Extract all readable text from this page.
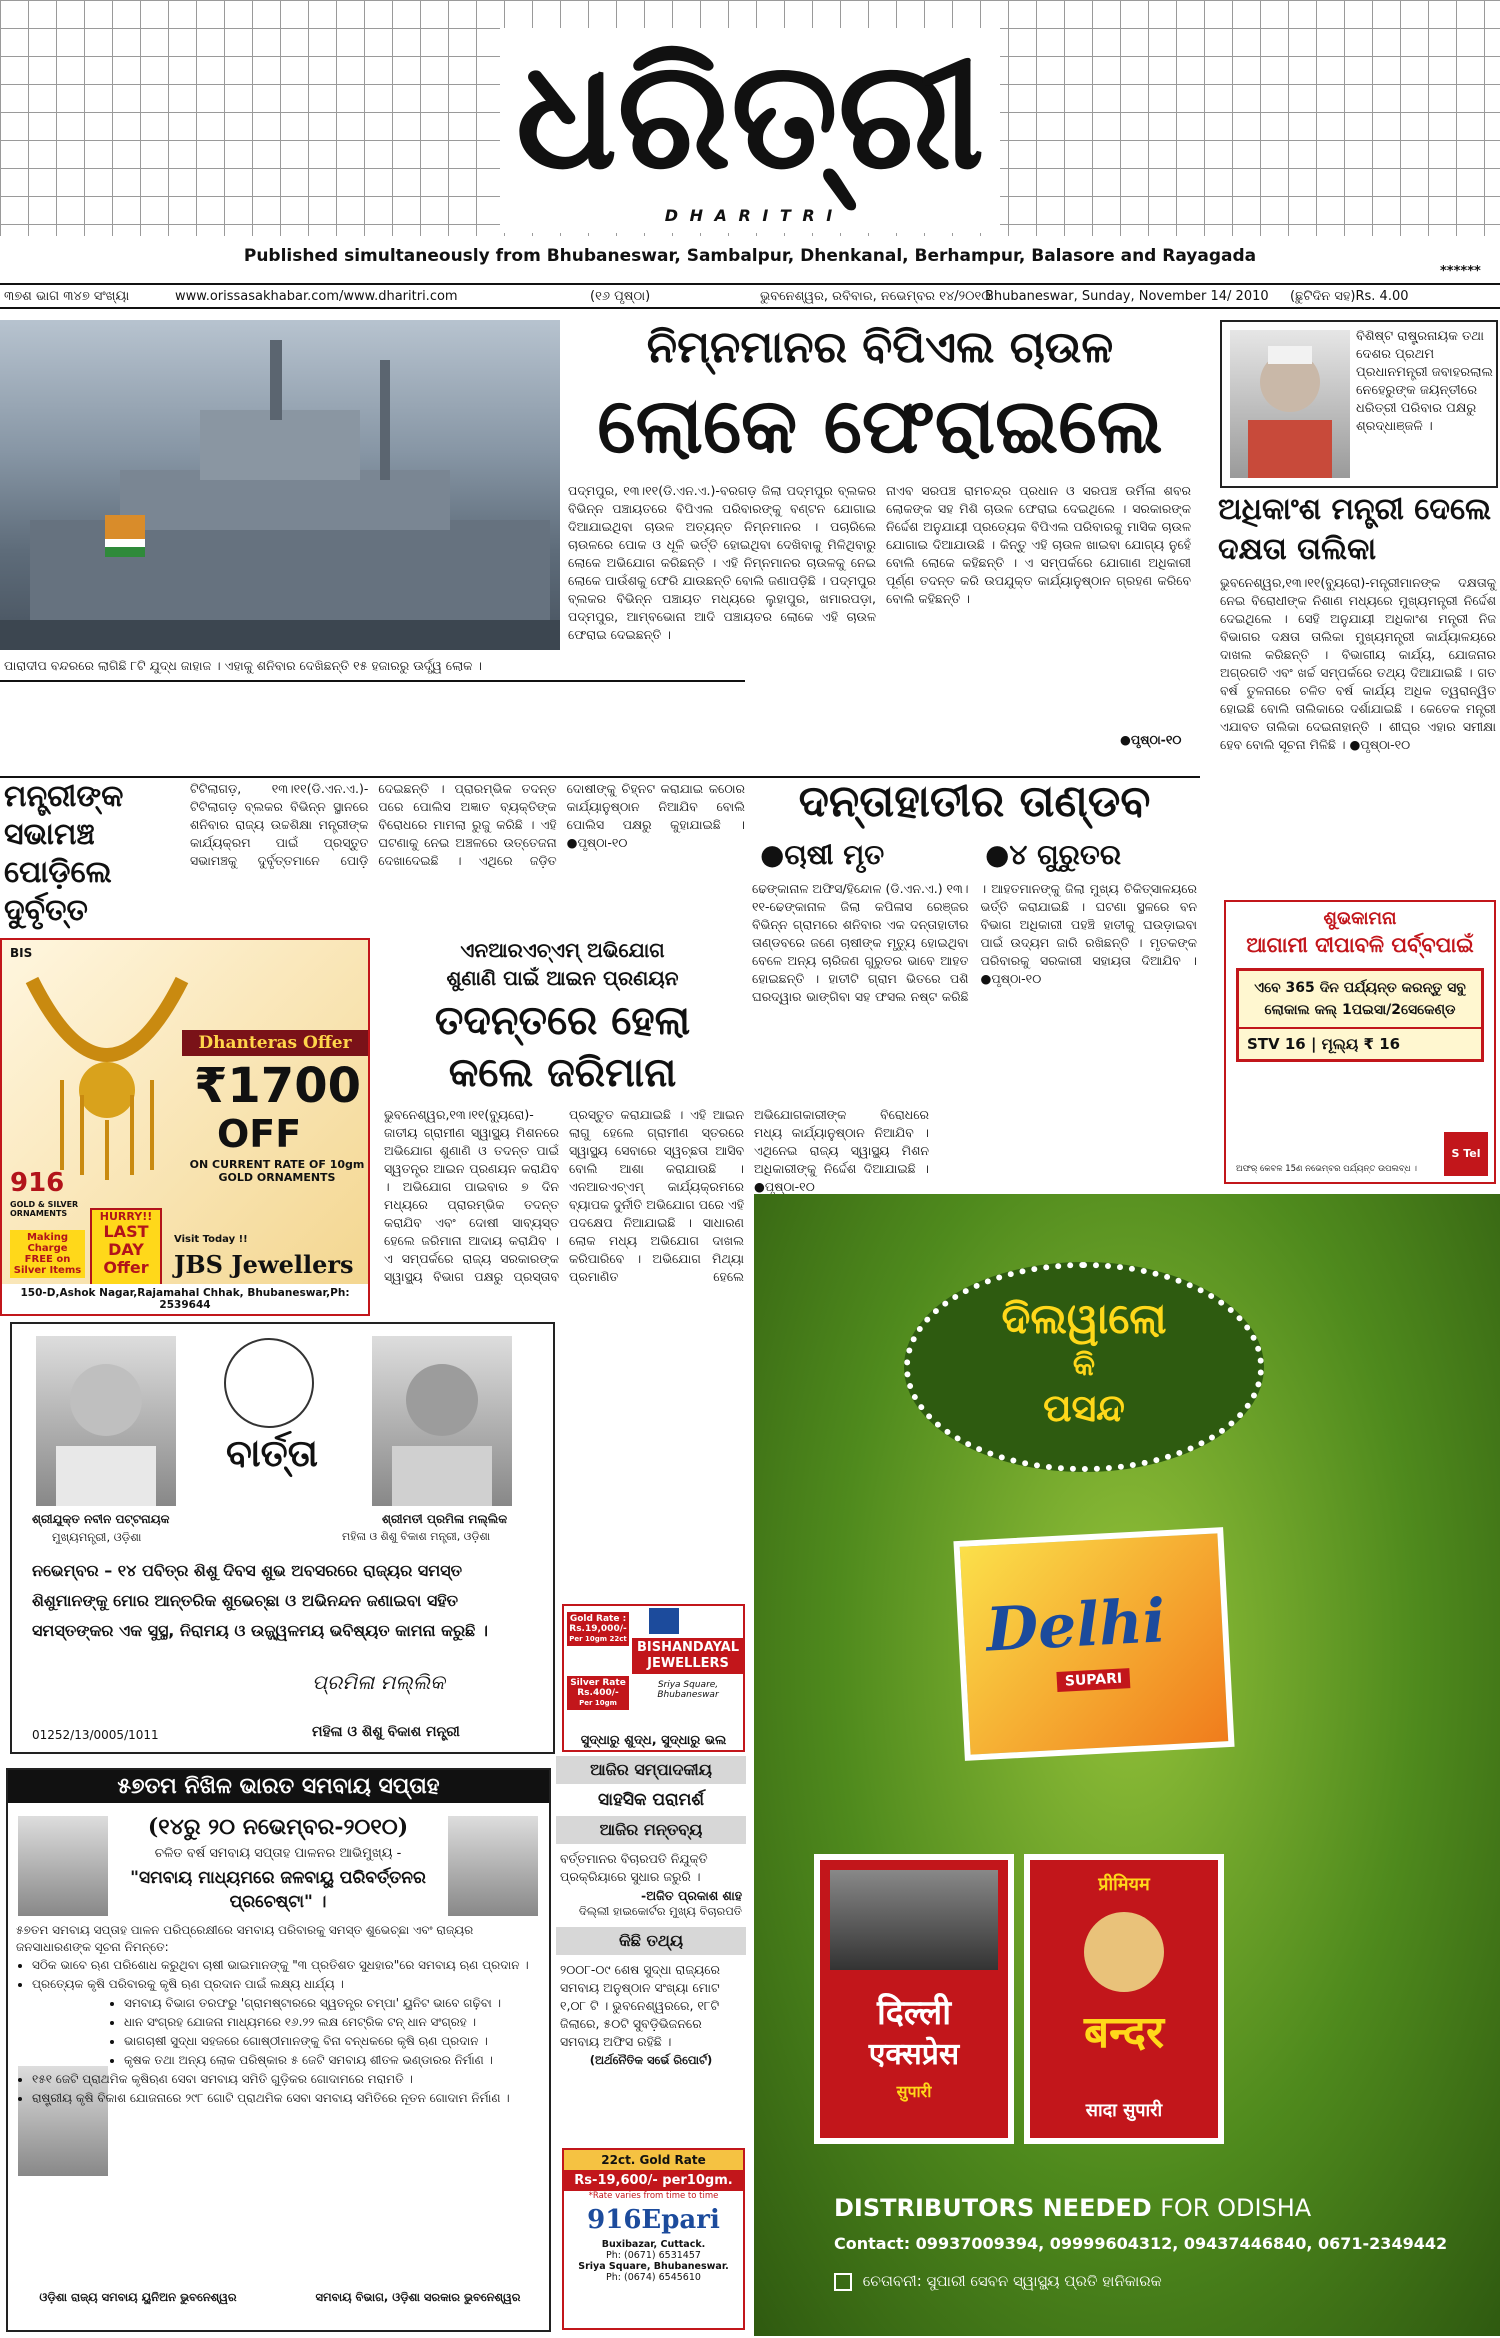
ଧରିତ୍ରୀ
D H A R I T R I
Published simultaneously from Bhubaneswar, Sambalpur, Dhenkanal, Berhampur, Balasore and Rayagada
******
୩୭ଶ ଭାଗ ୩୪୭ ସଂଖ୍ୟା	www.orissasakhabar.com/www.dharitri.com	(୧୬ ପୃଷ୍ଠା)	ଭୁବନେଶ୍ୱର, ରବିବାର, ନଭେମ୍ବର ୧୪/୨୦୧୦
Bhubaneswar, Sunday, November 14/ 2010 (ଛୁଟିଦିନ ସହ)Rs. 4.00
ପାରାଦୀପ ବନ୍ଦରରେ ଲାଗିଛି ୮ଟି ଯୁଦ୍ଧ ଜାହାଜ । ଏହାକୁ ଶନିବାର ଦେଖିଛନ୍ତି ୧୫ ହଜାରରୁ ଊର୍ଦ୍ଧ୍ୱ ଲୋକ ।
ନିମ୍ନମାନର ବିପିଏଲ ଚାଉଳ
ଲୋକେ ଫେରାଇଲେ
ପଦ୍ମପୁର, ୧୩।୧୧(ଡି.ଏନ.ଏ.)-ବରଗଡ଼ ଜିଲା ପଦ୍ମପୁର ବ୍ଲକର ବିଭିନ୍ନ ପଞ୍ଚାୟତରେ ବିପିଏଲ ପରିବାରଙ୍କୁ ବଣ୍ଟନ ଯୋଗାଇ ଦିଆଯାଇଥିବା ଚାଉଳ ଅତ୍ୟନ୍ତ ନିମ୍ନମାନର । ପଚାରିଲେ ଚାଉଳରେ ପୋକ ଓ ଧୂଳି ଭର୍ତ୍ତି ହୋଇଥିବା ଦେଖିବାକୁ ମିଳିଥିବାରୁ ଲୋକେ ଅଭିଯୋଗ କରିଛନ୍ତି । ଏହି ନିମ୍ନମାନର ଚାଉଳକୁ ନେଇ ଲୋକେ ପାଉଁଶକୁ ଫେରି ଯାଉଛନ୍ତି ବୋଲି ଜଣାପଡ଼ିଛି । ପଦ୍ମପୁର ବ୍ଲକର ବିଭିନ୍ନ ପଞ୍ଚାୟତ ମଧ୍ୟରେ ଲୁହାପୁର, ଖମାରପଡ଼ା, ପଦ୍ମପୁର, ଆମ୍ବଭୋନା ଆଦି ପଞ୍ଚାୟତର ଲୋକେ ଏହି ଚାଉଳ ଫେରାଇ ଦେଇଛନ୍ତି ।
ନାଏବ ସରପଞ୍ଚ ରାମଚନ୍ଦ୍ର ପ୍ରଧାନ ଓ ସରପଞ୍ଚ ଉର୍ମିଳା ଶବର ଲୋକଙ୍କ ସହ ମିଶି ଚାଉଳ ଫେରାଇ ଦେଇଥିଲେ । ସରକାରଙ୍କ ନିର୍ଦ୍ଦେଶ ଅନୁଯାୟୀ ପ୍ରତ୍ୟେକ ବିପିଏଲ ପରିବାରକୁ ମାସିକ ଚାଉଳ ଯୋଗାଇ ଦିଆଯାଉଛି । କିନ୍ତୁ ଏହି ଚାଉଳ ଖାଇବା ଯୋଗ୍ୟ ନୁହେଁ ବୋଲି ଲୋକେ କହିଛନ୍ତି । ଏ ସମ୍ପର୍କରେ ଯୋଗାଣ ଅଧିକାରୀ ପୂର୍ଣ୍ଣ ତଦନ୍ତ କରି ଉପଯୁକ୍ତ କାର୍ଯ୍ୟାନୁଷ୍ଠାନ ଗ୍ରହଣ କରିବେ ବୋଲି କହିଛନ୍ତି ।
●ପୃଷ୍ଠା-୧୦
ବିଶିଷ୍ଟ ରାଷ୍ଟ୍ରନାୟକ ତଥା ଦେଶର ପ୍ରଥମ ପ୍ରଧାନମନ୍ତ୍ରୀ ଜବାହରଲାଲ ନେହେରୁଙ୍କ ଜୟନ୍ତୀରେ ଧରିତ୍ରୀ ପରିବାର ପକ୍ଷରୁ ଶ୍ରଦ୍ଧାଞ୍ଜଳି ।
ଅଧିକାଂଶ ମନ୍ତ୍ରୀ ଦେଲେ ଦକ୍ଷତା ତାଲିକା
ଭୁବନେଶ୍ୱର,୧୩।୧୧(ବ୍ୟୁରୋ)-ମନ୍ତ୍ରୀମାନଙ୍କ ଦକ୍ଷତାକୁ ନେଇ ବିରୋଧୀଙ୍କ ନିଶାଣ ମଧ୍ୟରେ ମୁଖ୍ୟମନ୍ତ୍ରୀ ନିର୍ଦ୍ଦେଶ ଦେଇଥିଲେ । ସେହି ଅନୁଯାୟୀ ଅଧିକାଂଶ ମନ୍ତ୍ରୀ ନିଜ ବିଭାଗର ଦକ୍ଷତା ତାଲିକା ମୁଖ୍ୟମନ୍ତ୍ରୀ କାର୍ଯ୍ୟାଳୟରେ ଦାଖଲ କରିଛନ୍ତି । ବିଭାଗୀୟ କାର୍ଯ୍ୟ, ଯୋଜନାର ଅଗ୍ରଗତି ଏବଂ ଖର୍ଚ୍ଚ ସମ୍ପର୍କରେ ତଥ୍ୟ ଦିଆଯାଇଛି । ଗତ ବର୍ଷ ତୁଳନାରେ ଚଳିତ ବର୍ଷ କାର୍ଯ୍ୟ ଅଧିକ ତ୍ୱରାନ୍ୱିତ ହୋଇଛି ବୋଲି ତାଲିକାରେ ଦର୍ଶାଯାଇଛି । କେତେକ ମନ୍ତ୍ରୀ ଏଯାବତ ତାଲିକା ଦେଇନାହାନ୍ତି । ଶୀଘ୍ର ଏହାର ସମୀକ୍ଷା ହେବ ବୋଲି ସୂଚନା ମିଳିଛି । ●ପୃଷ୍ଠା-୧୦
ମନ୍ତ୍ରୀଙ୍କ ସଭାମଞ୍ଚ ପୋଡ଼ିଲେ ଦୁର୍ବୃତ୍ତ
ଟିଟିଲାଗଡ଼, ୧୩।୧୧(ଡି.ଏନ.ଏ.)-ଟିଟିଲାଗଡ଼ ବ୍ଲକର ବିଭିନ୍ନ ସ୍ଥାନରେ ଶନିବାର ରାଜ୍ୟ ଉଚ୍ଚଶିକ୍ଷା ମନ୍ତ୍ରୀଙ୍କ କାର୍ଯ୍ୟକ୍ରମ ପାଇଁ ପ୍ରସ୍ତୁତ ସଭାମଞ୍ଚକୁ ଦୁର୍ବୃତ୍ତମାନେ ପୋଡ଼ି ଦେଇଛନ୍ତି । ପ୍ରାରମ୍ଭିକ ତଦନ୍ତ ପରେ ପୋଲିସ ଅଜ୍ଞାତ ବ୍ୟକ୍ତିଙ୍କ ବିରୋଧରେ ମାମଲା ରୁଜୁ କରିଛି । ଏହି ଘଟଣାକୁ ନେଇ ଅଞ୍ଚଳରେ ଉତ୍ତେଜନା ଦେଖାଦେଇଛି । ଏଥିରେ ଜଡ଼ିତ ଦୋଷୀଙ୍କୁ ଚିହ୍ନଟ କରାଯାଇ କଠୋର କାର୍ଯ୍ୟାନୁଷ୍ଠାନ ନିଆଯିବ ବୋଲି ପୋଲିସ ପକ୍ଷରୁ କୁହାଯାଇଛି । ●ପୃଷ୍ଠା-୧୦
ଦନ୍ତାହାତୀର ତାଣ୍ଡବ
●ଚାଷୀ ମୃତ	●୪ ଗୁରୁତର
ଢେଙ୍କାନାଳ ଅଫିସ/ହିନ୍ଦୋଳ (ଡି.ଏନ.ଏ.) ୧୩।୧୧-ଢେଙ୍କାନାଳ ଜିଲା କପିଳାସ ରେଞ୍ଜର ବିଭିନ୍ନ ଗ୍ରାମରେ ଶନିବାର ଏକ ଦନ୍ତାହାତୀର ତାଣ୍ଡବରେ ଜଣେ ଚାଷୀଙ୍କ ମୃତ୍ୟୁ ହୋଇଥିବା ବେଳେ ଅନ୍ୟ ଚାରିଜଣ ଗୁରୁତର ଭାବେ ଆହତ ହୋଇଛନ୍ତି । ହାତୀଟି ଗ୍ରାମ ଭିତରେ ପଶି ଘରଦ୍ୱାର ଭାଙ୍ଗିବା ସହ ଫସଲ ନଷ୍ଟ କରିଛି । ଆହତମାନଙ୍କୁ ଜିଲା ମୁଖ୍ୟ ଚିକିତ୍ସାଳୟରେ ଭର୍ତ୍ତି କରାଯାଇଛି । ଘଟଣା ସ୍ଥଳରେ ବନ ବିଭାଗ ଅଧିକାରୀ ପହଞ୍ଚି ହାତୀକୁ ଘଉଡ଼ାଇବା ପାଇଁ ଉଦ୍ୟମ ଜାରି ରଖିଛନ୍ତି । ମୃତକଙ୍କ ପରିବାରକୁ ସରକାରୀ ସହାୟତା ଦିଆଯିବ । ●ପୃଷ୍ଠା-୧୦
BIS
Dhanteras Offer
₹1700
OFF
ON CURRENT RATE OF 10gm GOLD ORNAMENTS
916
GOLD & SILVER ORNAMENTS
Making Charge FREE on Silver Items
HURRY!!
LAST DAY Offer
Visit Today !!
JBS Jewellers
150-D,Ashok Nagar,Rajamahal Chhak, Bhubaneswar,Ph: 2539644
ଏନଆରଏଚ୍‌ଏମ୍ ଅଭିଯୋଗ
ଶୁଣାଣି ପାଇଁ ଆଇନ ପ୍ରଣୟନ
ତଦନ୍ତରେ ହେଲା
କଲେ ଜରିମାନା
ଭୁବନେଶ୍ୱର,୧୩।୧୧(ବ୍ୟୁରୋ)-ଜାତୀୟ ଗ୍ରାମୀଣ ସ୍ୱାସ୍ଥ୍ୟ ମିଶନରେ ଅଭିଯୋଗ ଶୁଣାଣି ଓ ତଦନ୍ତ ପାଇଁ ସ୍ୱତନ୍ତ୍ର ଆଇନ ପ୍ରଣୟନ କରାଯିବ । ଅଭିଯୋଗ ପାଇବାର ୭ ଦିନ ମଧ୍ୟରେ ପ୍ରାରମ୍ଭିକ ତଦନ୍ତ କରାଯିବ ଏବଂ ଦୋଷୀ ସାବ୍ୟସ୍ତ ହେଲେ ଜରିମାନା ଆଦାୟ କରାଯିବ । ଏ ସମ୍ପର୍କରେ ରାଜ୍ୟ ସରକାରଙ୍କ ସ୍ୱାସ୍ଥ୍ୟ ବିଭାଗ ପକ୍ଷରୁ ପ୍ରସ୍ତାବ ପ୍ରସ୍ତୁତ କରାଯାଇଛି । ଏହି ଆଇନ ଲାଗୁ ହେଲେ ଗ୍ରାମୀଣ ସ୍ତରରେ ସ୍ୱାସ୍ଥ୍ୟ ସେବାରେ ସ୍ୱଚ୍ଛତା ଆସିବ ବୋଲି ଆଶା କରାଯାଉଛି । ଏନଆରଏଚ୍‌ଏମ୍ କାର୍ଯ୍ୟକ୍ରମରେ ବ୍ୟାପକ ଦୁର୍ନୀତି ଅଭିଯୋଗ ପରେ ଏହି ପଦକ୍ଷେପ ନିଆଯାଇଛି । ସାଧାରଣ ଲୋକ ମଧ୍ୟ ଅଭିଯୋଗ ଦାଖଲ କରିପାରିବେ । ଅଭିଯୋଗ ମିଥ୍ୟା ପ୍ରମାଣିତ ହେଲେ ଅଭିଯୋଗକାରୀଙ୍କ ବିରୋଧରେ ମଧ୍ୟ କାର୍ଯ୍ୟାନୁଷ୍ଠାନ ନିଆଯିବ । ଏଥିନେଇ ରାଜ୍ୟ ସ୍ୱାସ୍ଥ୍ୟ ମିଶନ ଅଧିକାରୀଙ୍କୁ ନିର୍ଦ୍ଦେଶ ଦିଆଯାଇଛି । ●ପୃଷ୍ଠା-୧୦
ବାର୍ତ୍ତା
ଶ୍ରୀଯୁକ୍ତ ନବୀନ ପଟ୍ଟନାୟକ
ମୁଖ୍ୟମନ୍ତ୍ରୀ, ଓଡ଼ିଶା
ଶ୍ରୀମତୀ ପ୍ରମିଳା ମଲ୍ଲିକ
ମହିଳା ଓ ଶିଶୁ ବିକାଶ ମନ୍ତ୍ରୀ, ଓଡ଼ିଶା
ନଭେମ୍ବର – ୧୪ ପବିତ୍ର ଶିଶୁ ଦିବସ ଶୁଭ ଅବସରରେ ରାଜ୍ୟର ସମସ୍ତ ଶିଶୁମାନଙ୍କୁ ମୋର ଆନ୍ତରିକ ଶୁଭେଚ୍ଛା ଓ ଅଭିନନ୍ଦନ ଜଣାଇବା ସହିତ ସମସ୍ତଙ୍କର ଏକ ସୁସ୍ଥ, ନିରାମୟ ଓ ଉଜ୍ଜ୍ୱଳମୟ ଭବିଷ୍ୟତ କାମନା କରୁଛି ।
ପ୍ରମିଳା ମଲ୍ଲିକ
01252/13/0005/1011	ମହିଳା ଓ ଶିଶୁ ବିକାଶ ମନ୍ତ୍ରୀ
Gold Rate : Rs.19,000/-
Per 10gm 22ct
Silver Rate Rs.400/-
Per 10gm
BISHANDAYAL
JEWELLERS
Sriya Square, Bhubaneswar
ସୁଦ୍ଧାରୁ ଶୁଦ୍ଧ, ସୁଦ୍ଧାରୁ ଭଲ
ଆଜିର ସମ୍ପାଦକୀୟ
ସାହସିକ ପରାମର୍ଶ
ଆଜିର ମନ୍ତବ୍ୟ
ବର୍ତ୍ତମାନର ବିଚାରପତି ନିଯୁକ୍ତି ପ୍ରକ୍ରିୟାରେ ସୁଧାର ଜରୁରି ।
-ଅଜିତ ପ୍ରକାଶ ଶାହ
ଦିଲ୍ଲୀ ହାଇକୋର୍ଟର ମୁଖ୍ୟ ବିଚାରପତି
କିଛି ତଥ୍ୟ
୨୦୦୮-୦୯ ଶେଷ ସୁଦ୍ଧା ରାଜ୍ୟରେ ସମବାୟ ଅନୁଷ୍ଠାନ ସଂଖ୍ୟା ମୋଟ ୧,୦୮ ଟି । ଭୁବନେଶ୍ୱରରେ, ୧୮ଟି ଜିଲାରେ, ୫୦ଟି ସୁବଡ଼ିଭିଜନରେ ସମବାୟ ଅଫିସ ରହିଛି ।
(ଅର୍ଥନୈତିକ ସର୍ଭେ ରିପୋର୍ଟ)
22ct. Gold Rate
Rs-19,600/- per10gm.
*Rate varies from time to time
916Epari
Buxibazar, Cuttack.
Ph: (0671) 6531457
Sriya Square, Bhubaneswar.
Ph: (0674) 6545610
୫୭ତମ ନିଖିଳ ଭାରତ ସମବାୟ ସପ୍ତାହ
(୧୪ରୁ ୨୦ ନଭେମ୍ବର-୨୦୧୦)
ଚଳିତ ବର୍ଷ ସମବାୟ ସପ୍ତାହ ପାଳନର ଆଭିମୁଖ୍ୟ -
"ସମବାୟ ମାଧ୍ୟମରେ ଜଳବାୟୁ ପରିବର୍ତ୍ତନର ପ୍ରଚେଷ୍ଟା" ।
୫୭ତମ ସମବାୟ ସପ୍ତାହ ପାଳନ ପରିପ୍ରେକ୍ଷୀରେ ସମବାୟ ପରିବାରକୁ ସମସ୍ତ ଶୁଭେଚ୍ଛା ଏବଂ ରାଜ୍ୟର ଜନସାଧାରଣଙ୍କ ସୂଚନା ନିମନ୍ତେ:
• ସଠିକ ଭାବେ ଋଣ ପରିଶୋଧ କରୁଥିବା ଚାଷୀ ଭାଇମାନଙ୍କୁ "୩ ପ୍ରତିଶତ ସୁଧହାର"ରେ ସମବାୟ ଋଣ ପ୍ରଦାନ ।
• ପ୍ରତ୍ୟେକ କୃଷି ପରିବାରକୁ କୃଷି ଋଣ ପ୍ରଦାନ ପାଇଁ ଲକ୍ଷ୍ୟ ଧାର୍ଯ୍ୟ ।
• ସମବାୟ ବିଭାଗ ତରଫରୁ 'ଗ୍ରାମଷ୍ଟାରରେ ସ୍ୱତନ୍ତ୍ର ଚମ୍ପା' ୟୁନିଟ ଭାବେ ଗଢ଼ିବା ।
• ଧାନ ସଂଗ୍ରହ ଯୋଜନା ମାଧ୍ୟମରେ ୧୬.୨୨ ଲକ୍ଷ ମେଟ୍ରିକ ଟନ୍ ଧାନ ସଂଗ୍ରହ ।
• ଭାଗଚାଷୀ ସୁଦ୍ଧା ସହଜରେ ଗୋଷ୍ଠୀମାନଙ୍କୁ ବିନା ବନ୍ଧକରେ କୃଷି ଋଣ ପ୍ରଦାନ ।
• କୃଷକ ତଥା ଅନ୍ୟ ଲୋକ ପରିଷ୍କାର ୫ ଜେଟି ସମବାୟ ଶୀତଳ ଭଣ୍ଡାରର ନିର୍ମାଣ ।
• ୧୫୧ ଜେଟି ପ୍ରାଥମିକ କୃଷିଋଣ ସେବା ସମବାୟ ସମିତି ଗୁଡ଼ିକର ଗୋଦାମରେ ମରାମତି ।
• ରାଷ୍ଟ୍ରୀୟ କୃଷି ବିକାଶ ଯୋଜନାରେ ୨୯୮ ଗୋଟି ପ୍ରାଥମିକ ସେବା ସମବାୟ ସମିତିରେ ନୂତନ ଗୋଦାମ ନିର୍ମାଣ ।
ଓଡ଼ିଶା ରାଜ୍ୟ ସମବାୟ ୟୁନିଅନ ଭୁବନେଶ୍ୱର	ସମବାୟ ବିଭାଗ, ଓଡ଼ିଶା ସରକାର ଭୁବନେଶ୍ୱର
ଶୁଭକାମନା
ଆଗାମୀ ଦୀପାବଳି ପର୍ବ୍ବପାଇଁ
ଏବେ 365 ଦିନ ପର୍ଯ୍ୟନ୍ତ କରନ୍ତୁ ସବୁ ଲୋକାଲ କଲ୍ 1ପଇସା/2ସେକେଣ୍ଡ
STV 16 | ମୂଲ୍ୟ ₹ 16
ଅଫର୍ କେବଳ 15ଣ ନଭେମ୍ବର ପର୍ଯ୍ୟନ୍ତ ଉପଲବ୍ଧ ।
S Tel
ଦିଲୱାଲୋ
କି
ପସନ୍ଦ
Delhi
SUPARI
दिल्ली
एक्सप्रेस
सुपारी
प्रीमियम
बन्दर
सादा सुपारी
DISTRIBUTORS NEEDED FOR ODISHA
Contact: 09937009394, 09999604312, 09437446840, 0671-2349442
ଚେତାବନୀ: ସୁପାରୀ ସେବନ ସ୍ୱାସ୍ଥ୍ୟ ପ୍ରତି ହାନିକାରକ
